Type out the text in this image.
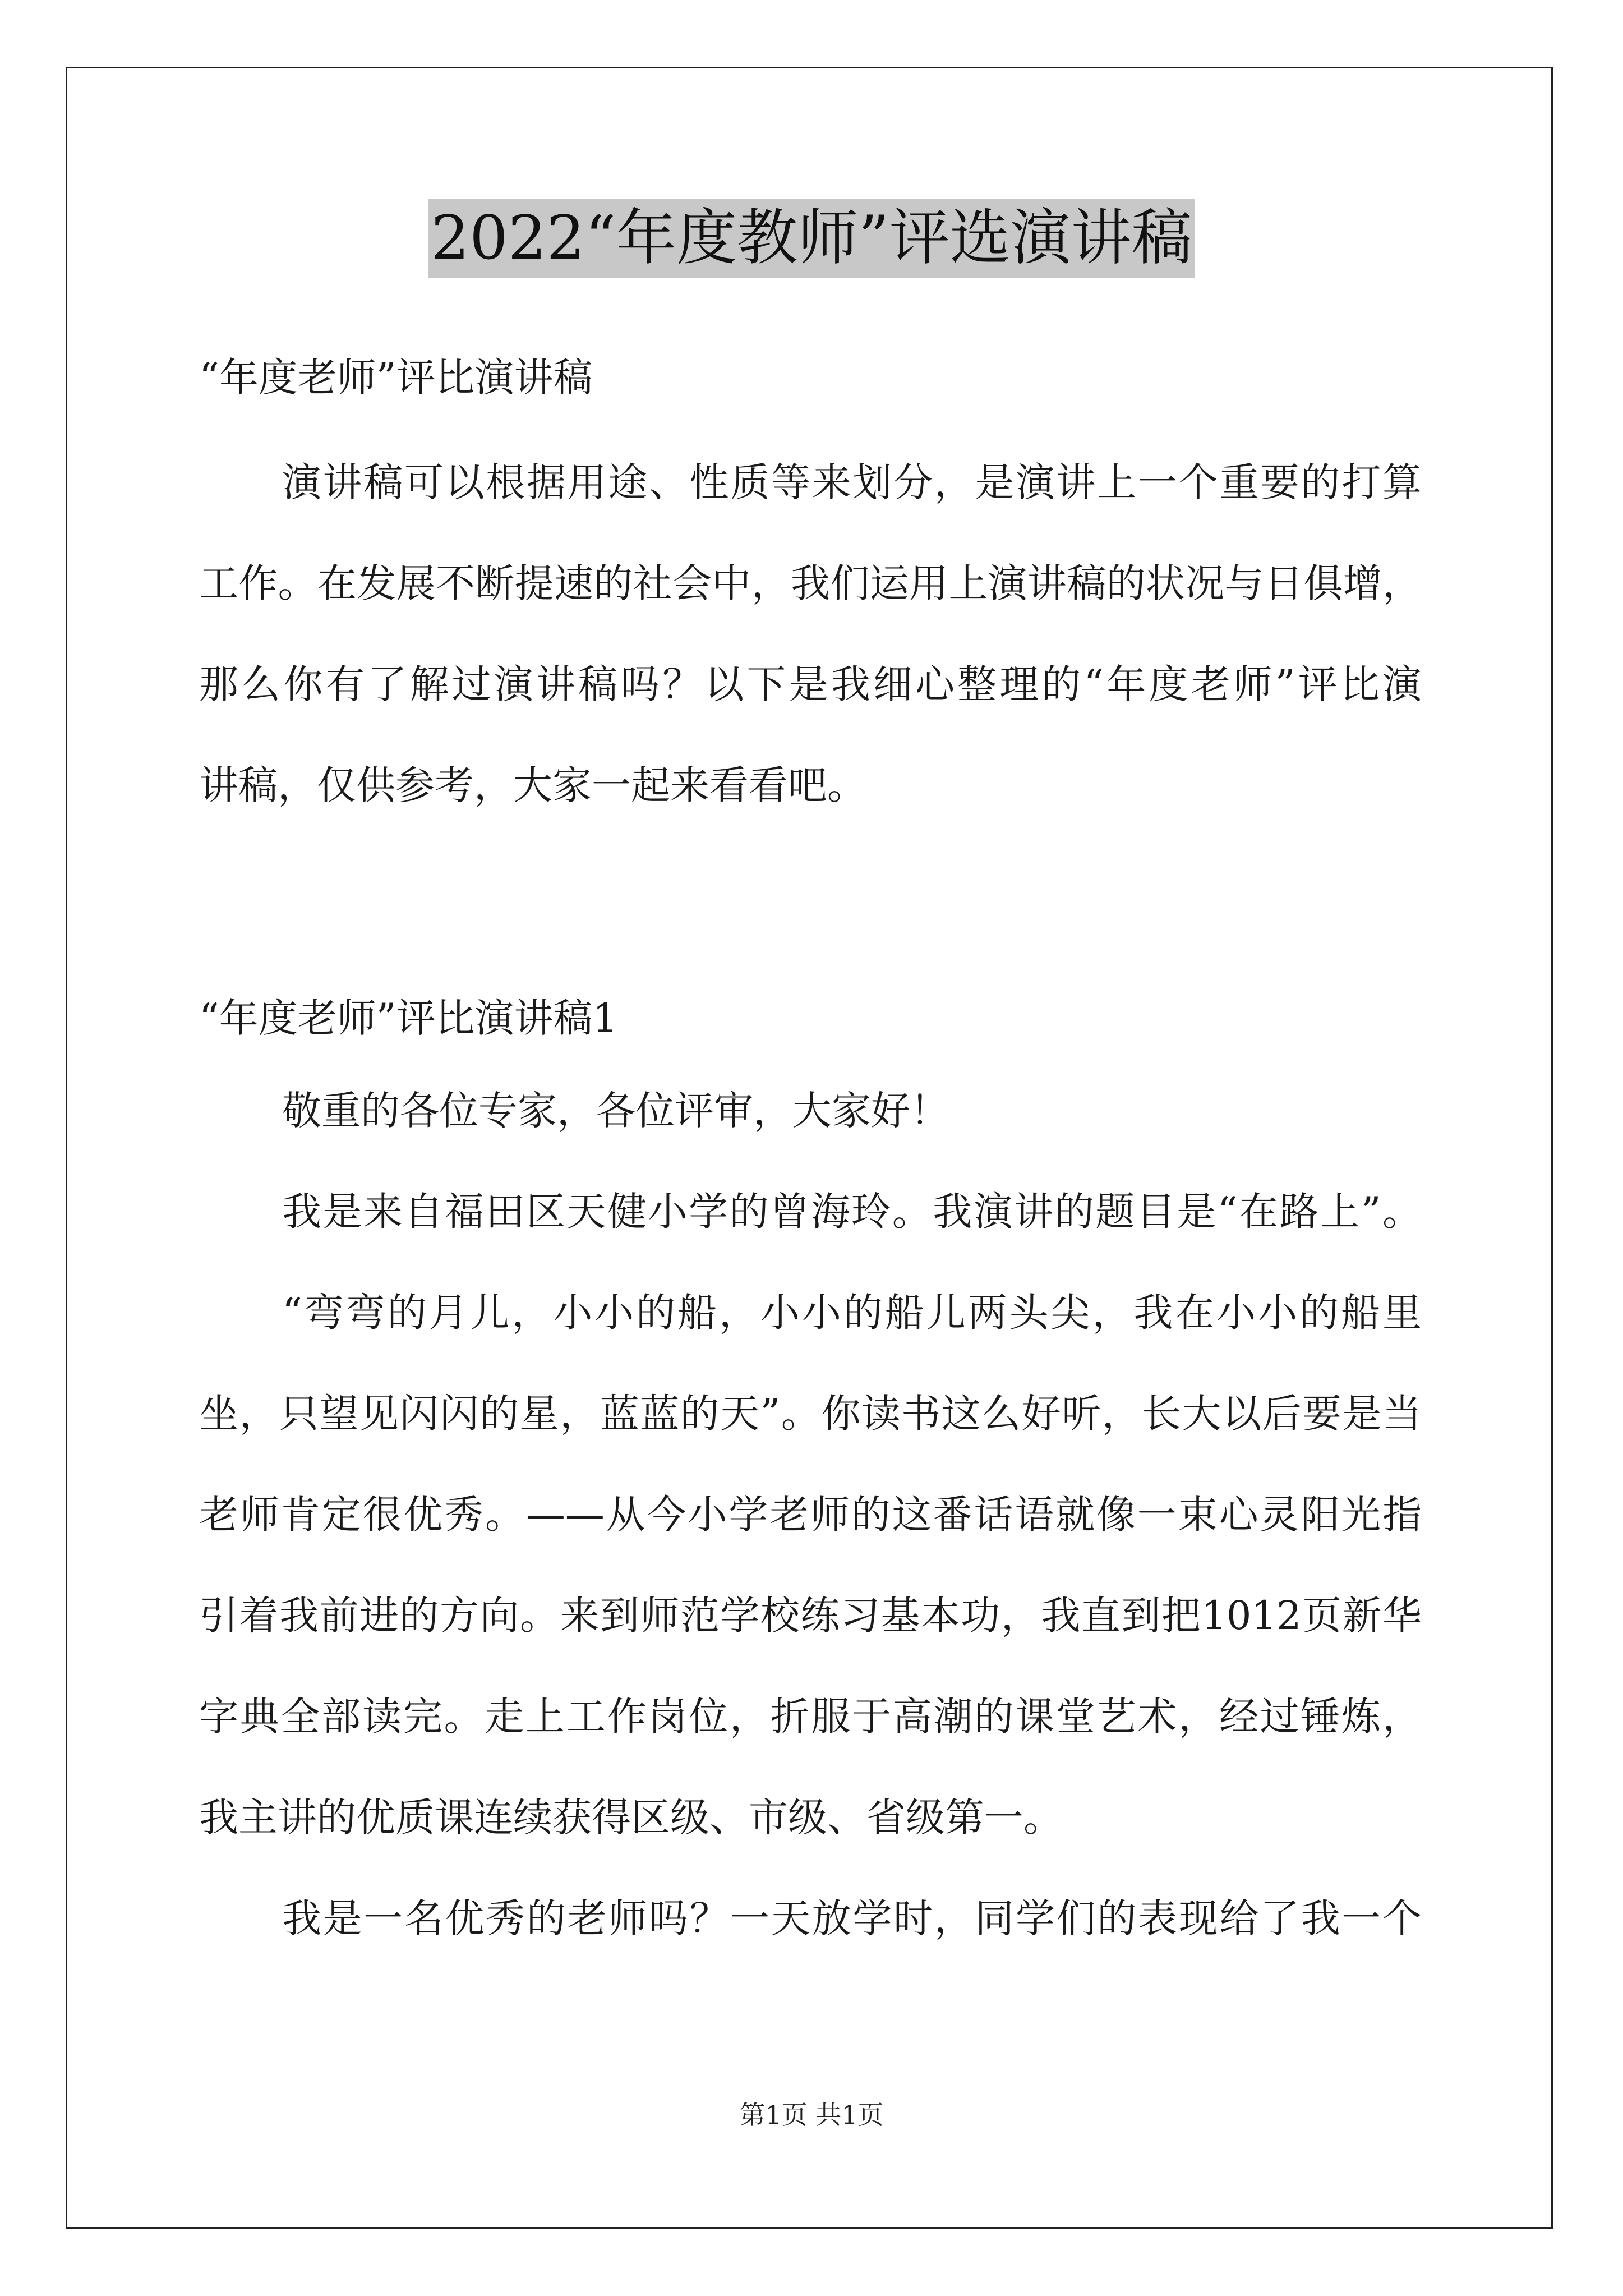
2022“年度教师”评选演讲稿
“年度老师”评比演讲稿
演讲稿可以根据用途、性质等来划分，是演讲上一个重要的打算
工作。在发展不断提速的社会中，我们运用上演讲稿的状况与日俱增，
那么你有了解过演讲稿吗？以下是我细心整理的“年度老师”评比演
讲稿，仅供参考，大家一起来看看吧。
“年度老师”评比演讲稿1
敬重的各位专家，各位评审，大家好！
我是来自福田区天健小学的曾海玲。我演讲的题目是“在路上”。
“弯弯的月儿，小小的船，小小的船儿两头尖，我在小小的船里
坐，只望见闪闪的星，蓝蓝的天”。你读书这么好听，长大以后要是当
老师肯定很优秀。——从今小学老师的这番话语就像一束心灵阳光指
引着我前进的方向。来到师范学校练习基本功，我直到把1012页新华
字典全部读完。走上工作岗位，折服于高潮的课堂艺术，经过锤炼，
我主讲的优质课连续获得区级、市级、省级第一。
我是一名优秀的老师吗？一天放学时，同学们的表现给了我一个
第1页 共1页
